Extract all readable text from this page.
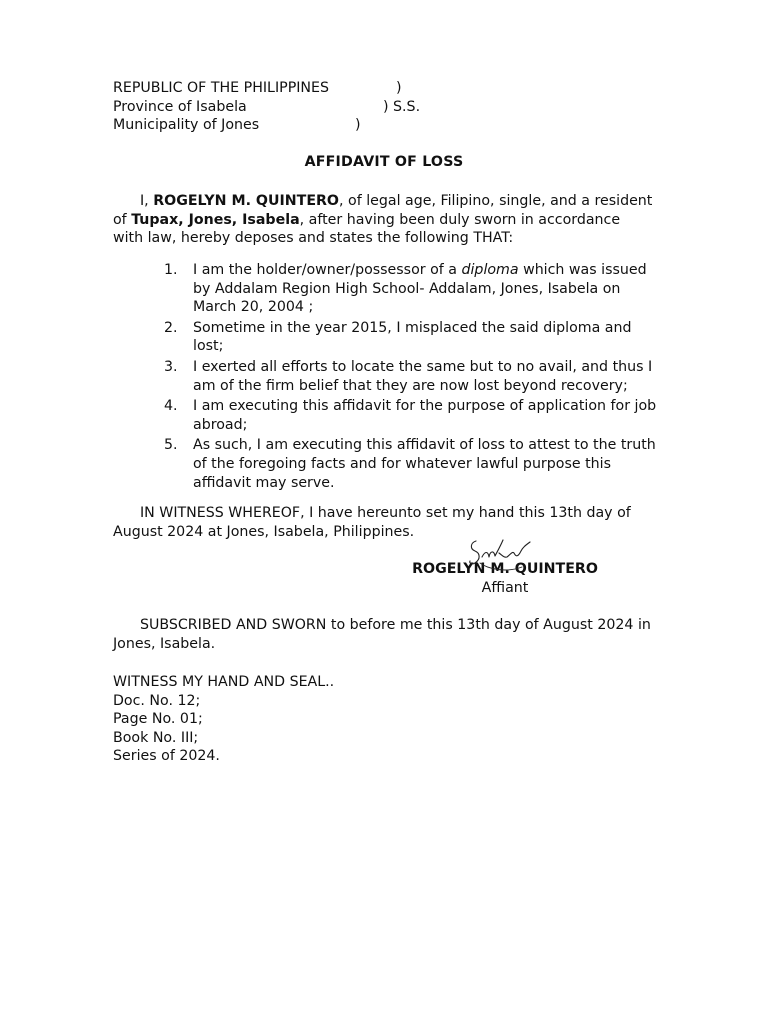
REPUBLIC OF THE PHILIPPINES	)
Province of Isabela	) S.S.
Municipality of Jones	)
AFFIDAVIT OF LOSS

I, ROGELYN M. QUINTERO, of legal age, Filipino, single, and a resident of Tupax, Jones, Isabela, after having been duly sworn in accordance with law, hereby deposes and states the following THAT:

1. I am the holder/owner/possessor of a diploma which was issued by Addalam Region High School- Addalam, Jones, Isabela on March 20, 2004 ;
2. Sometime in the year 2015, I misplaced the said diploma and lost;
3. I exerted all efforts to locate the same but to no avail, and thus I am of the firm belief that they are now lost beyond recovery;
4. I am executing this affidavit for the purpose of application for job abroad;
5. As such, I am executing this affidavit of loss to attest to the truth of the foregoing facts and for whatever lawful purpose this affidavit may serve.

IN WITNESS WHEREOF, I have hereunto set my hand this 13th day of August 2024 at Jones, Isabela, Philippines.

ROGELYN M. QUINTERO
Affiant

SUBSCRIBED AND SWORN to before me this 13th day of August 2024 in Jones, Isabela.

WITNESS MY HAND AND SEAL..
Doc. No. 12;
Page No. 01;
Book No. III;
Series of 2024.
